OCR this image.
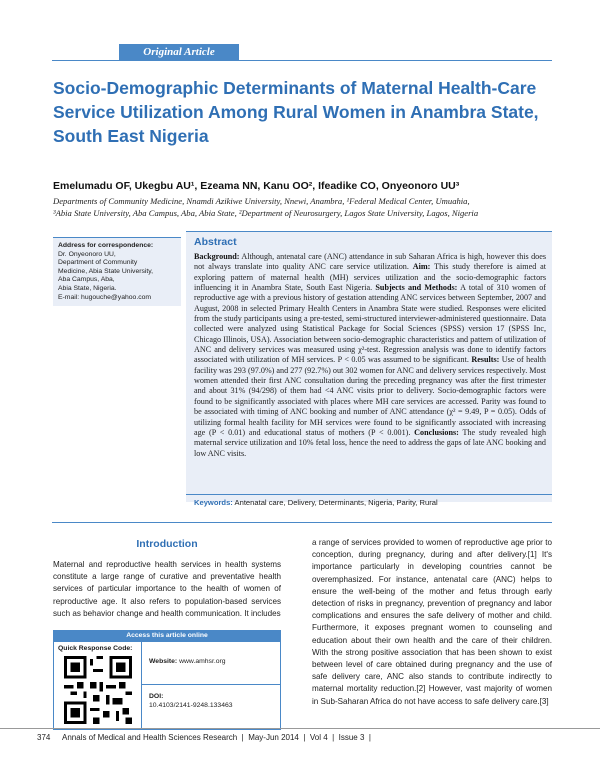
Original Article
Socio-Demographic Determinants of Maternal Health-Care Service Utilization Among Rural Women in Anambra State, South East Nigeria
Emelumadu OF, Ukegbu AU¹, Ezeama NN, Kanu OO², Ifeadike CO, Onyeonoro UU³
Departments of Community Medicine, Nnamdi Azikiwe University, Nnewi, Anambra, ¹Federal Medical Center, Umuahia,
³Abia State University, Aba Campus, Aba, Abia State, ²Department of Neurosurgery, Lagos State University, Lagos, Nigeria
Address for correspondence:
Dr. Onyeonoro UU,
Department of Community
Medicine, Abia State University,
Aba Campus, Aba,
Abia State, Nigeria.
E-mail: hugouche@yahoo.com
Abstract
Background: Although, antenatal care (ANC) attendance in sub Saharan Africa is high, however this does not always translate into quality ANC care service utilization. Aim: This study therefore is aimed at exploring pattern of maternal health (MH) services utilization and the socio-demographic factors influencing it in Anambra State, South East Nigeria. Subjects and Methods: A total of 310 women of reproductive age with a previous history of gestation attending ANC services between September, 2007 and August, 2008 in selected Primary Health Centers in Anambra State were studied. Responses were elicited from the study participants using a pre-tested, semi-structured interviewer-administered questionnaire. Data collected were analyzed using Statistical Package for Social Sciences (SPSS) version 17 (SPSS Inc, Chicago Illinois, USA). Association between socio-demographic characteristics and pattern of utilization of ANC and delivery services was measured using χ²-test. Regression analysis was done to identify factors associated with utilization of MH services. P < 0.05 was assumed to be significant. Results: Use of health facility was 293 (97.0%) and 277 (92.7%) out 302 women for ANC and delivery services respectively. Most women attended their first ANC consultation during the preceding pregnancy was after the first trimester and about 31% (94/298) of them had <4 ANC visits prior to delivery. Socio-demographic factors were found to be significantly associated with places where MH care services are accessed. Parity was found to be associated with timing of ANC booking and number of ANC attendance (χ² = 9.49, P = 0.05). Odds of utilizing formal health facility for MH services were found to be significantly associated with increasing age (P < 0.01) and educational status of mothers (P < 0.001). Conclusions: The study revealed high maternal service utilization and 10% fetal loss, hence the need to address the gaps of late ANC booking and low ANC visits.
Keywords: Antenatal care, Delivery, Determinants, Nigeria, Parity, Rural
Introduction
Maternal and reproductive health services in health systems constitute a large range of curative and preventative health services of particular importance to the health of women of reproductive age. It also refers to population-based services such as behavior change and health communication. It includes
a range of services provided to women of reproductive age prior to conception, during pregnancy, during and after delivery.[1] It's importance particularly in developing countries cannot be overemphasized. For instance, antenatal care (ANC) helps to ensure the well-being of the mother and fetus through early detection of risks in pregnancy, prevention of pregnancy and labor complications and ensures the safe delivery of mother and child. Furthermore, it exposes pregnant women to counseling and education about their own health and the care of their children. With the strong positive association that has been shown to exist between level of care obtained during pregnancy and the use of safe delivery care, ANC also stands to contribute indirectly to maternal mortality reduction.[2] However, vast majority of women in Sub-Saharan Africa do not have access to safe delivery care.[3]
Access this article online
Quick Response Code:
Website: www.amhsr.org
DOI:
10.4103/2141-9248.133463
374 Annals of Medical and Health Sciences Research  |  May-Jun 2014  |  Vol 4  |  Issue 3  |
